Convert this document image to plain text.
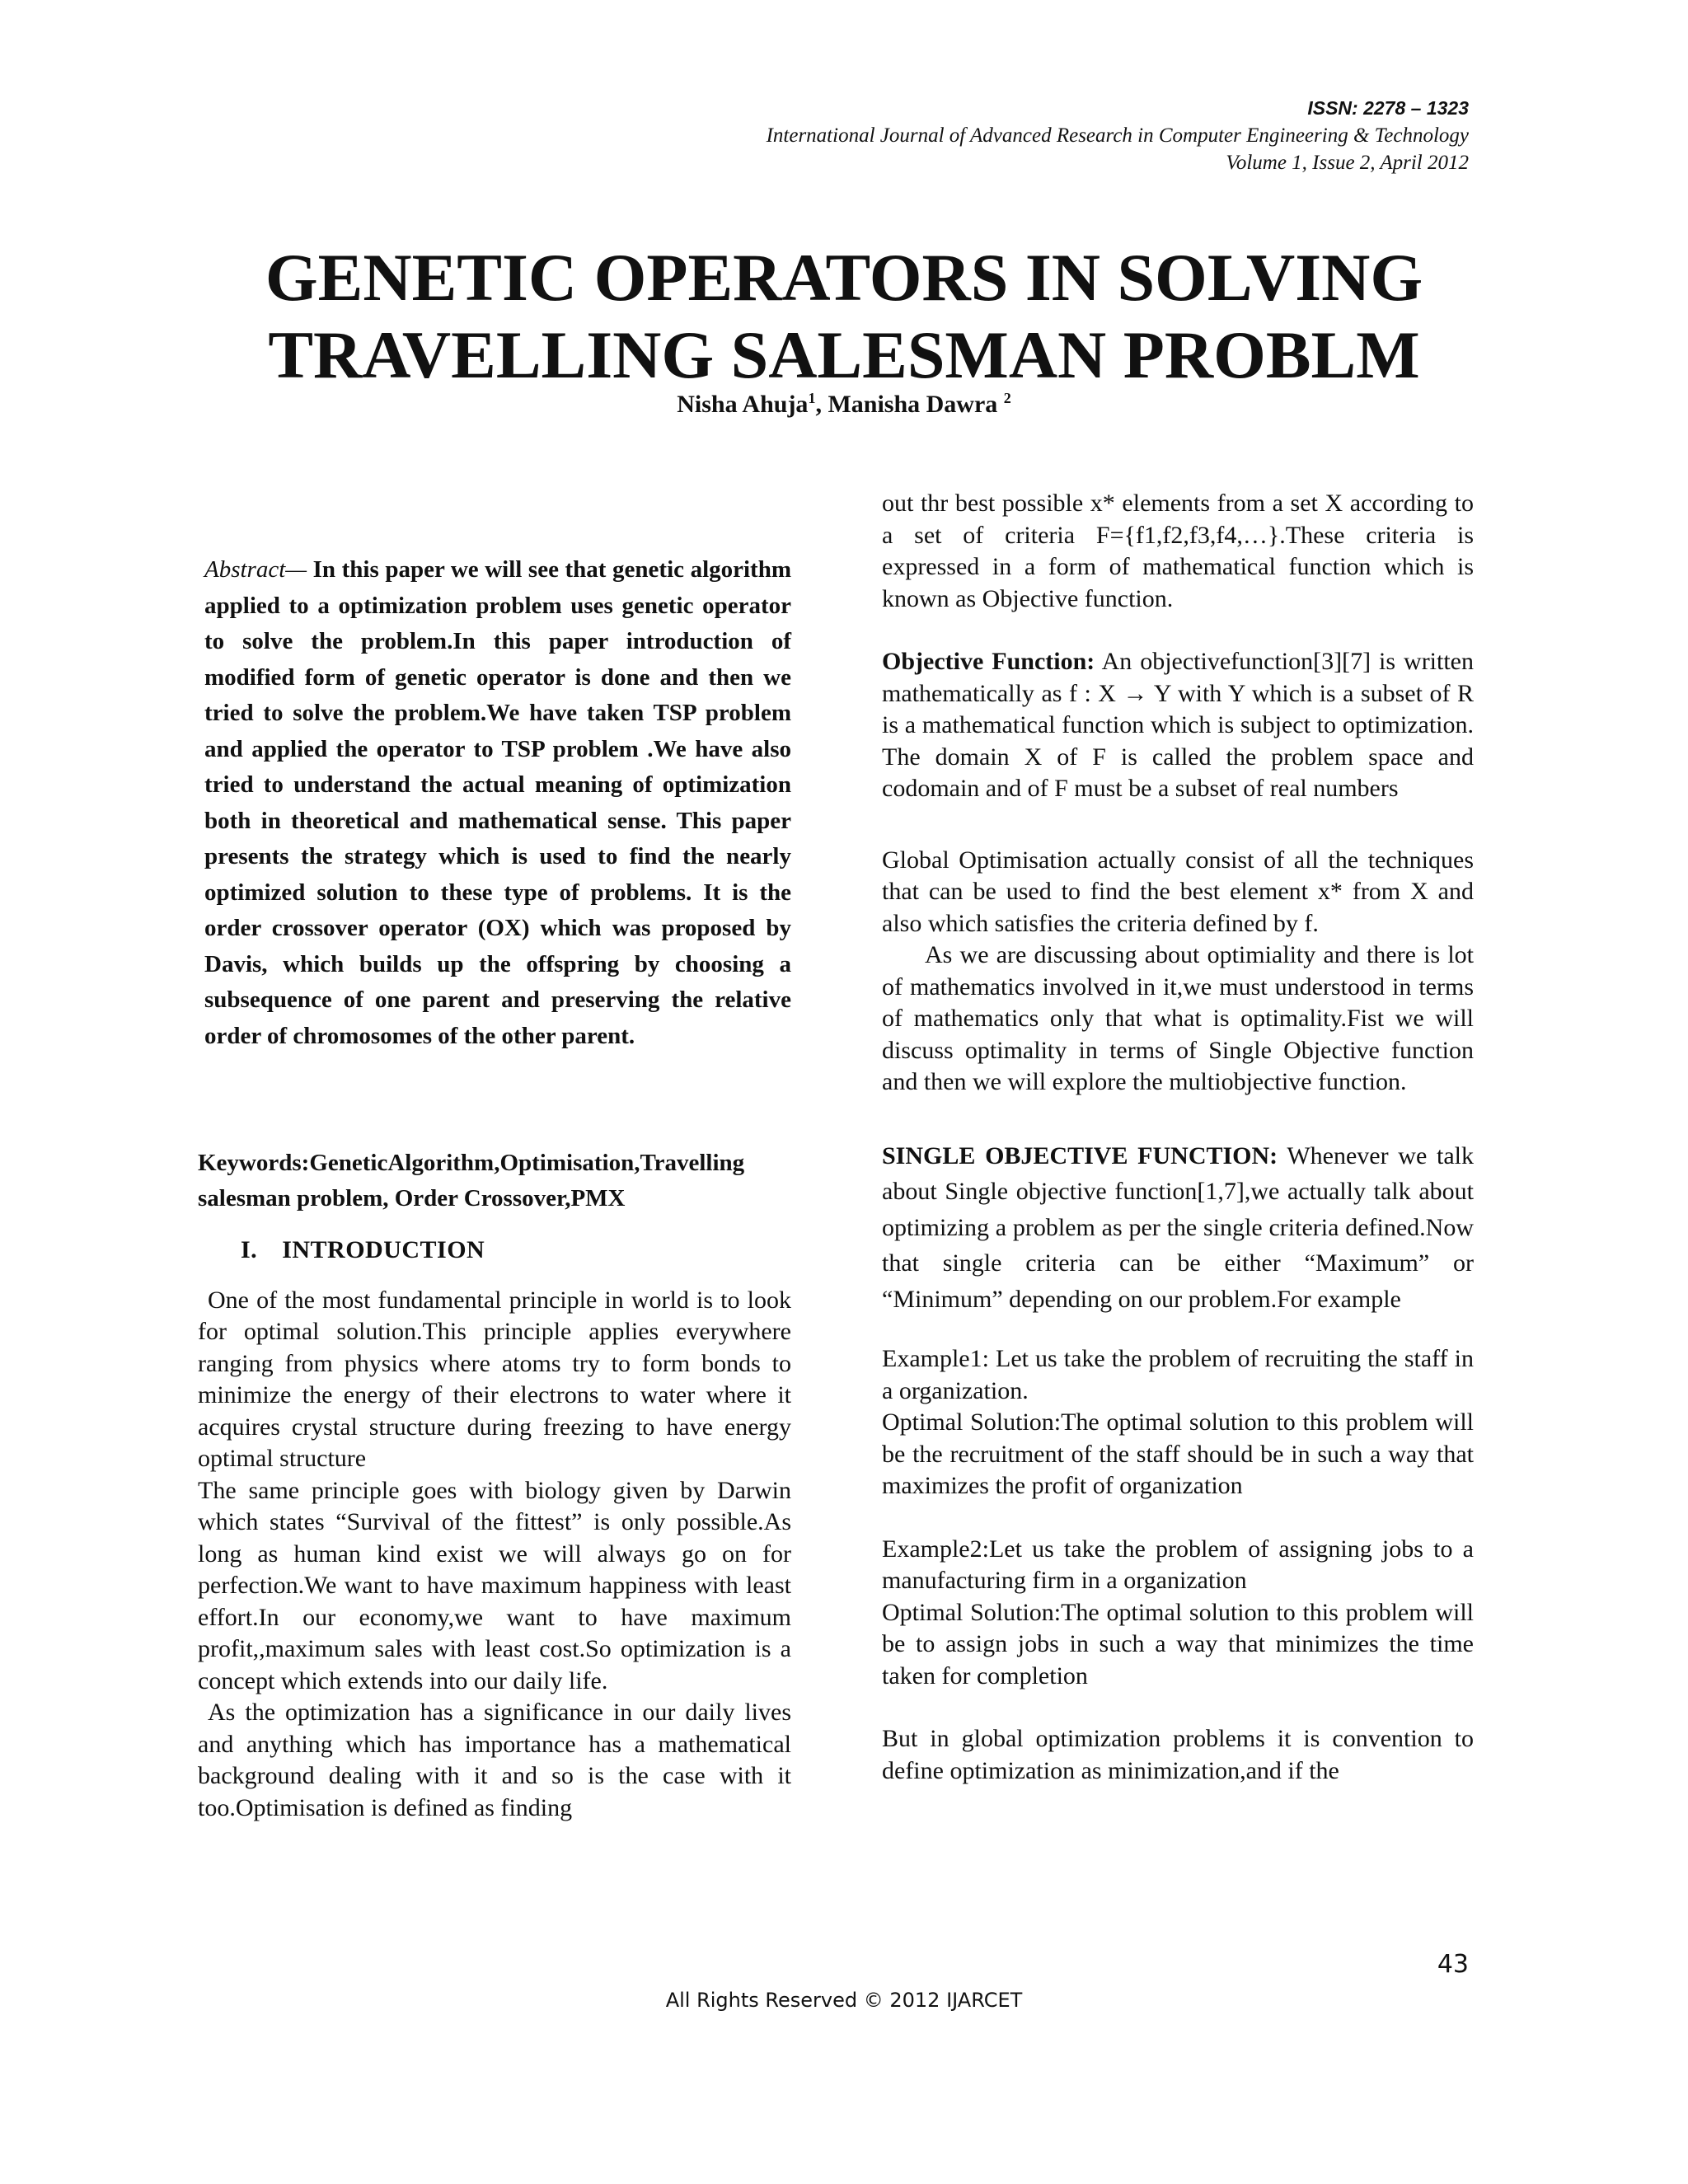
ISSN: 2278 – 1323
International Journal of Advanced Research in Computer Engineering & Technology
Volume 1, Issue 2, April 2012
GENETIC OPERATORS IN SOLVING
TRAVELLING SALESMAN PROBLM
Nisha Ahuja$^1$, Manisha Dawra $^2$

Abstract— In this paper we will see that genetic algorithm applied to a optimization problem uses genetic operator to solve the problem.In this paper introduction of modified form of genetic operator is done and then we tried to solve the problem.We have taken TSP problem and applied the operator to TSP problem .We have also tried to understand the actual meaning of optimization both in theoretical and mathematical sense. This paper presents the strategy which is used to find the nearly optimized solution to these type of problems. It is the order crossover operator (OX) which was proposed by Davis, which builds up the offspring by choosing a subsequence of one parent and preserving the relative order of chromosomes of the other parent.

Keywords:GeneticAlgorithm,Optimisation,Travelling salesman problem, Order Crossover,PMX

I. INTRODUCTION

One of the most fundamental principle in world is to look for optimal solution.This principle applies everywhere ranging from physics where atoms try to form bonds to minimize the energy of their electrons to water where it acquires crystal structure during freezing to have energy optimal structure

The same principle goes with biology given by Darwin which states “Survival of the fittest” is only possible.As long as human kind exist we will always go on for perfection.We want to have maximum happiness with least effort.In our economy,we want to have maximum profit,,maximum sales with least cost.So optimization is a concept which extends into our daily life.

As the optimization has a significance in our daily lives and anything which has importance has a mathematical background dealing with it and so is the case with it too.Optimisation is defined as finding

out thr best possible x* elements from a set X according to a set of criteria F={f1,f2,f3,f4,…}.These criteria is expressed in a form of mathematical function which is known as Objective function.

Objective Function: An objectivefunction[3][7] is written mathematically as f : X → Y with Y which is a subset of R is a mathematical function which is subject to optimization. The domain X of F is called the problem space and codomain and of F must be a subset of real numbers

Global Optimisation actually consist of all the techniques that can be used to find the best element x* from X and also which satisfies the criteria defined by f.

As we are discussing about optimiality and there is lot of mathematics involved in it,we must understood in terms of mathematics only that what is optimality.Fist we will discuss optimality in terms of Single Objective function and then we will explore the multiobjective function.

SINGLE OBJECTIVE FUNCTION: Whenever we talk about Single objective function[1,7],we actually talk about optimizing a problem as per the single criteria defined.Now that single criteria can be either “Maximum” or “Minimum” depending on our problem.For example

Example1: Let us take the problem of recruiting the staff in a organization.

Optimal Solution:The optimal solution to this problem will be the recruitment of the staff should be in such a way that maximizes the profit of organization

Example2:Let us take the problem of assigning jobs to a manufacturing firm in a organization

Optimal Solution:The optimal solution to this problem will be to assign jobs in such a way that minimizes the time taken for completion

But in global optimization problems it is convention to define optimization as minimization,and if the

43
All Rights Reserved © 2012 IJARCET
